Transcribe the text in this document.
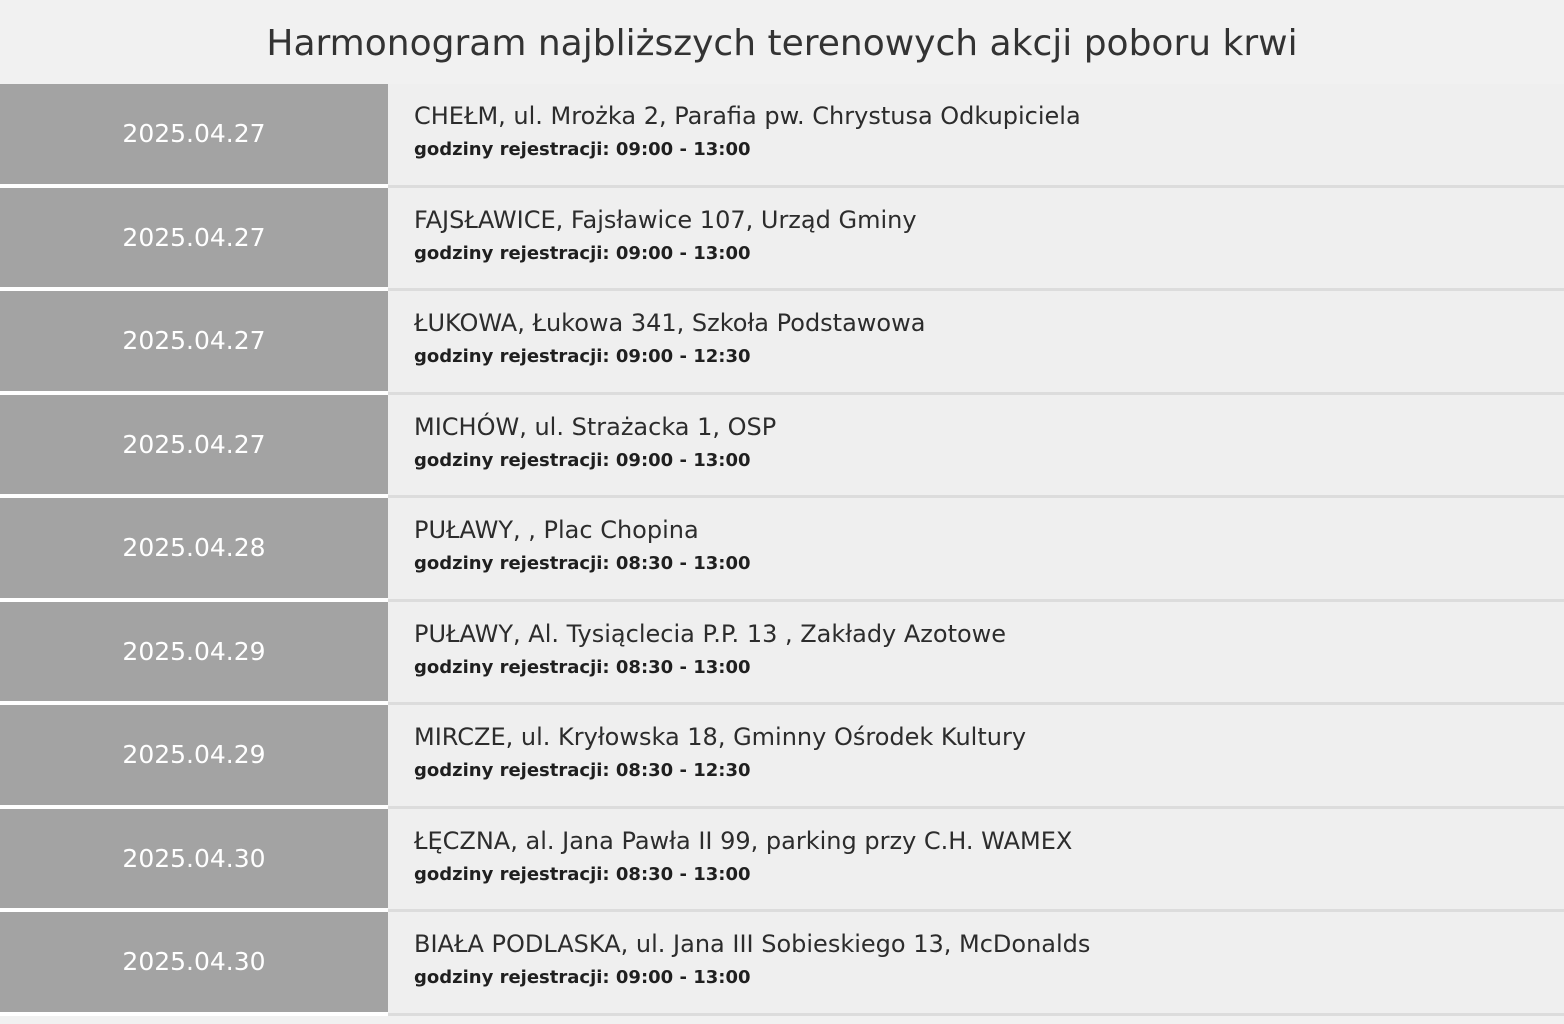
Harmonogram najbliższych terenowych akcji poboru krwi
2025.04.27
CHEŁM, ul. Mrożka 2, Parafia pw. Chrystusa Odkupiciela
godziny rejestracji: 09:00 - 13:00
2025.04.27
FAJSŁAWICE, Fajsławice 107, Urząd Gminy
godziny rejestracji: 09:00 - 13:00
2025.04.27
ŁUKOWA, Łukowa 341, Szkoła Podstawowa
godziny rejestracji: 09:00 - 12:30
2025.04.27
MICHÓW, ul. Strażacka 1, OSP
godziny rejestracji: 09:00 - 13:00
2025.04.28
PUŁAWY, , Plac Chopina
godziny rejestracji: 08:30 - 13:00
2025.04.29
PUŁAWY, Al. Tysiąclecia P.P. 13 , Zakłady Azotowe
godziny rejestracji: 08:30 - 13:00
2025.04.29
MIRCZE, ul. Kryłowska 18, Gminny Ośrodek Kultury
godziny rejestracji: 08:30 - 12:30
2025.04.30
ŁĘCZNA, al. Jana Pawła II 99, parking przy C.H. WAMEX
godziny rejestracji: 08:30 - 13:00
2025.04.30
BIAŁA PODLASKA, ul. Jana III Sobieskiego 13, McDonalds
godziny rejestracji: 09:00 - 13:00
